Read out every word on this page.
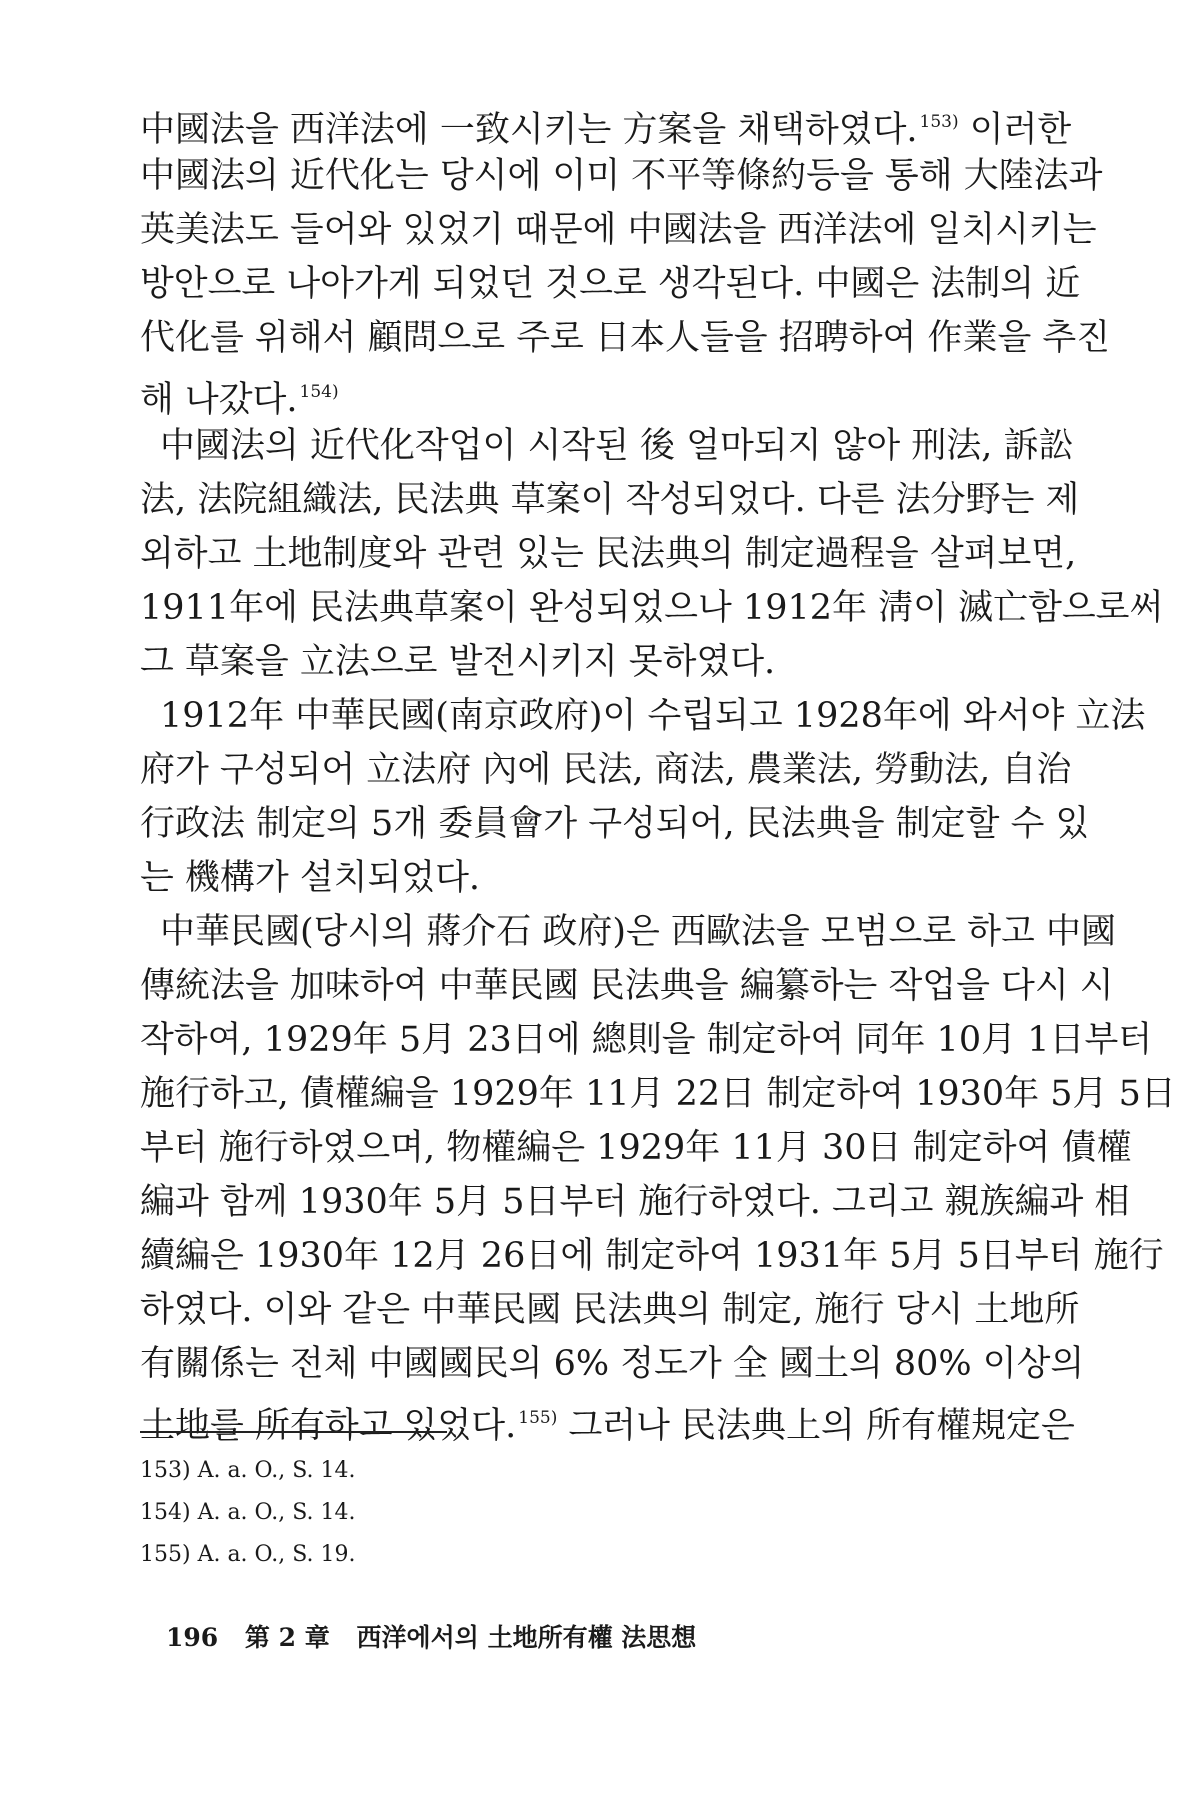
中國法을 西洋法에 一致시키는 方案을 채택하였다. $^{153)}$ 이러한
中國法의 近代化는 당시에 이미 不平等條約등을 통해 大陸法과
英美法도 들어와 있었기 때문에 中國法을 西洋法에 일치시키는
방안으로 나아가게 되었던 것으로 생각된다. 中國은 法制의 近
代化를 위해서 顧問으로 주로 日本人들을 招聘하여 作業을 추진
해 나갔다. $^{154)}$
中國法의 近代化작업이 시작된 後 얼마되지 않아 刑法, 訴訟
法, 法院組織法, 民法典 草案이 작성되었다. 다른 法分野는 제
외하고 土地制度와 관련 있는 民法典의 制定過程을 살펴보면,
1911年에 民法典草案이 완성되었으나 1912年 淸이 滅亡함으로써
그 草案을 立法으로 발전시키지 못하였다.
1912年 中華民國(南京政府)이 수립되고 1928年에 와서야 立法
府가 구성되어 立法府 內에 民法, 商法, 農業法, 勞動法, 自治
行政法 制定의 5개 委員會가 구성되어, 民法典을 制定할 수 있
는 機構가 설치되었다.
中華民國(당시의 蔣介石 政府)은 西歐法을 모범으로 하고 中國
傳統法을 加味하여 中華民國 民法典을 編纂하는 작업을 다시 시
작하여, 1929年 5月 23日에 總則을 制定하여 同年 10月 1日부터
施行하고, 債權編을 1929年 11月 22日 制定하여 1930年 5月 5日
부터 施行하였으며, 物權編은 1929年 11月 30日 制定하여 債權
編과 함께 1930年 5月 5日부터 施行하였다. 그리고 親族編과 相
續編은 1930年 12月 26日에 制定하여 1931年 5月 5日부터 施行
하였다. 이와 같은 中華民國 民法典의 制定, 施行 당시 土地所
有關係는 전체 中國國民의 6% 정도가 全 國土의 80% 이상의
土地를 所有하고 있었다. $^{155)}$ 그러나 民法典上의 所有權規定은
153) A. a. O., S. 14.
154) A. a. O., S. 14.
155) A. a. O., S. 19.
196 第 2 章 西洋에서의 土地所有權 法思想
